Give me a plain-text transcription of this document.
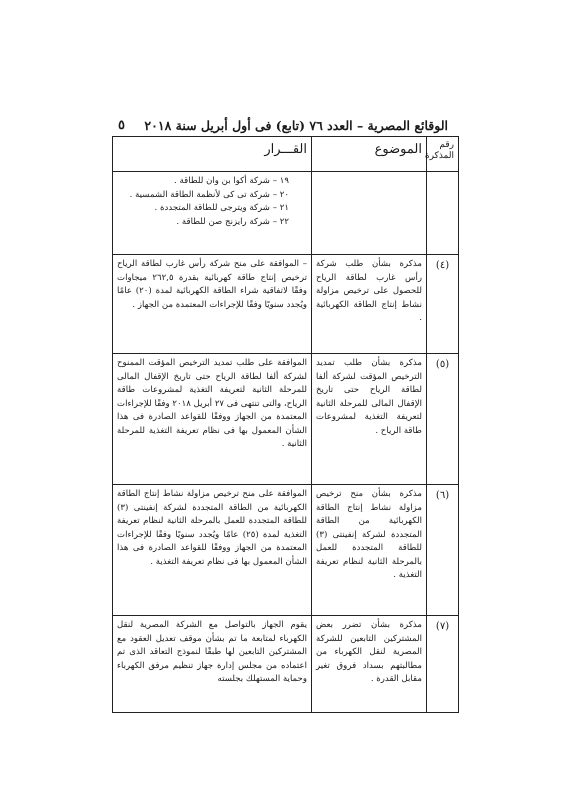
الوقائع المصرية – العدد ٧٦ (تابع) فى أول أبريل سنة ٢٠١٨
٥
رقم المذكرة	الموضوع	القـــرار

		١٩ – شركة أكوا بن وان للطاقة .
٢٠ – شركة تى كى لأنظمة الطاقة الشمسية .
٢١ – شركة ويترجى للطاقة المتجددة .
٢٢ – شركة رايزنج صن للطاقة .

(٤)	مذكرة بشأن طلب شركة رأس غارب لطاقة الرياح للحصول على ترخيص مزاولة نشاط إنتاج الطاقة الكهربائية .	– الموافقة على منح شركة رأس غارب لطاقة الرياح ترخيص إنتاج طاقة كهربائية بقدرة ٢٦٢,٥ ميجاوات وفقًا لاتفاقية شراء الطاقة الكهربائية لمدة (٢٠) عامًا ويُجدد سنويًا وفقًا للإجراءات المعتمدة من الجهاز .
(٥)	مذكرة بشأن طلب تمديد الترخيص المؤقت لشركة ألفا لطاقة الرياح حتى تاريخ الإقفال المالى للمرحلة الثانية لتعريفة التغذية لمشروعات طاقة الرياح .	الموافقة على طلب تمديد الترخيص المؤقت الممنوح لشركة ألفا لطاقة الرياح حتى تاريخ الإقفال المالى للمرحلة الثانية لتعريفة التغذية لمشروعات طاقة الرياح، والتى تنتهى فى ٢٧ أبريل ٢٠١٨ وفقًا للإجراءات المعتمدة من الجهاز ووفقًا للقواعد الصادرة فى هذا الشأن المعمول بها فى نظام تعريفة التغذية للمرحلة الثانية .
(٦)	مذكرة بشأن منح ترخيص مزاولة نشاط إنتاج الطاقة الكهربائية من الطاقة المتجددة لشركة إنفينتى (٣) للطاقة المتجددة للعمل بالمرحلة الثانية لنظام تعريفة التغذية .	الموافقة على منح ترخيص مزاولة نشاط إنتاج الطاقة الكهربائية من الطاقة المتجددة لشركة إنفينتى (٣) للطاقة المتجددة للعمل بالمرحلة الثانية لنظام تعريفة التغذية لمدة (٢٥) عامًا ويُجدد سنويًا وفقًا للإجراءات المعتمدة من الجهاز ووفقًا للقواعد الصادرة فى هذا الشأن المعمول بها فى نظام تعريفة التغذية .
(٧)	مذكرة بشأن تضرر بعض المشتركين التابعين للشركة المصرية لنقل الكهرباء من مطالبتهم بسداد فروق تغير مقابل القدرة .	يقوم الجهاز بالتواصل مع الشركة المصرية لنقل الكهرباء لمتابعة ما تم بشأن موقف تعديل العقود مع المشتركين التابعين لها طبقًا لنموذج التعاقد الذى تم اعتماده من مجلس إدارة جهاز تنظيم مرفق الكهرباء وحماية المستهلك بجلسته
